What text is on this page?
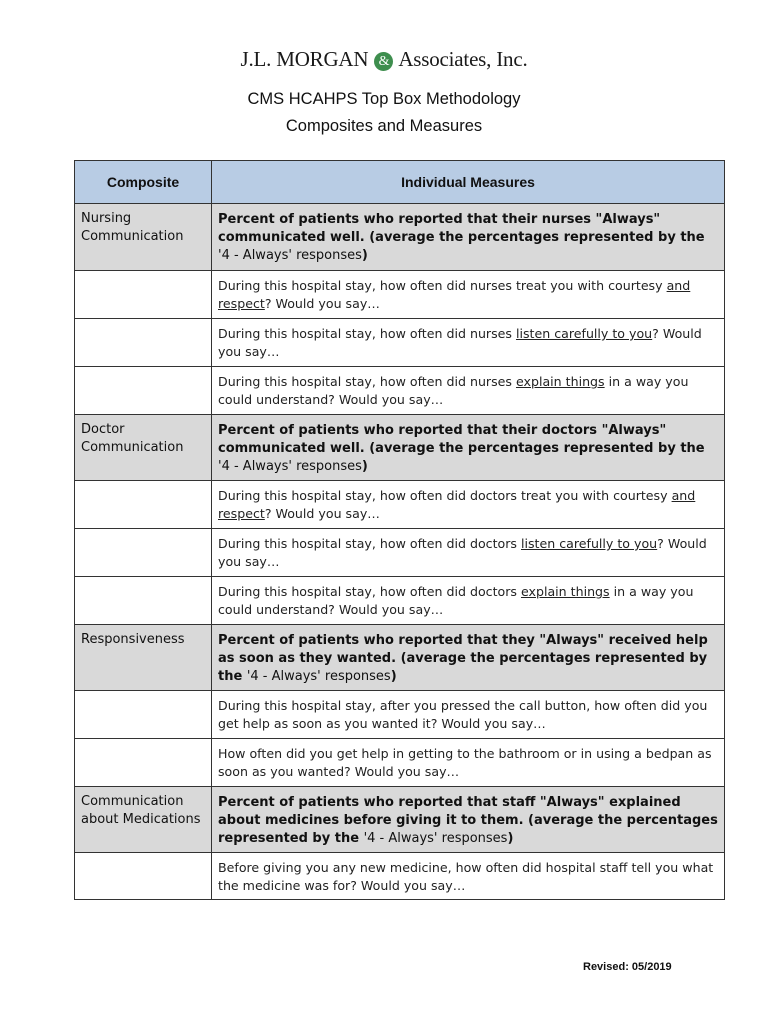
J.L. MORGAN & Associates, Inc.
CMS HCAHPS Top Box Methodology
Composites and Measures
Composite	Individual Measures
Nursing Communication	Percent of patients who reported that their nurses "Always" communicated well. (average the percentages represented by the '4 - Always' responses)
	During this hospital stay, how often did nurses treat you with courtesy and respect? Would you say…
	During this hospital stay, how often did nurses listen carefully to you? Would you say…
	During this hospital stay, how often did nurses explain things in a way you could understand? Would you say…
Doctor Communication	Percent of patients who reported that their doctors "Always" communicated well. (average the percentages represented by the '4 - Always' responses)
	During this hospital stay, how often did doctors treat you with courtesy and respect? Would you say…
	During this hospital stay, how often did doctors listen carefully to you? Would you say…
	During this hospital stay, how often did doctors explain things in a way you could understand? Would you say…
Responsiveness	Percent of patients who reported that they "Always" received help as soon as they wanted. (average the percentages represented by the '4 - Always' responses)
	During this hospital stay, after you pressed the call button, how often did you get help as soon as you wanted it? Would you say…
	How often did you get help in getting to the bathroom or in using a bedpan as soon as you wanted? Would you say…
Communication about Medications	Percent of patients who reported that staff "Always" explained about medicines before giving it to them. (average the percentages represented by the '4 - Always' responses)
	Before giving you any new medicine, how often did hospital staff tell you what the medicine was for? Would you say…
Revised: 05/2019
